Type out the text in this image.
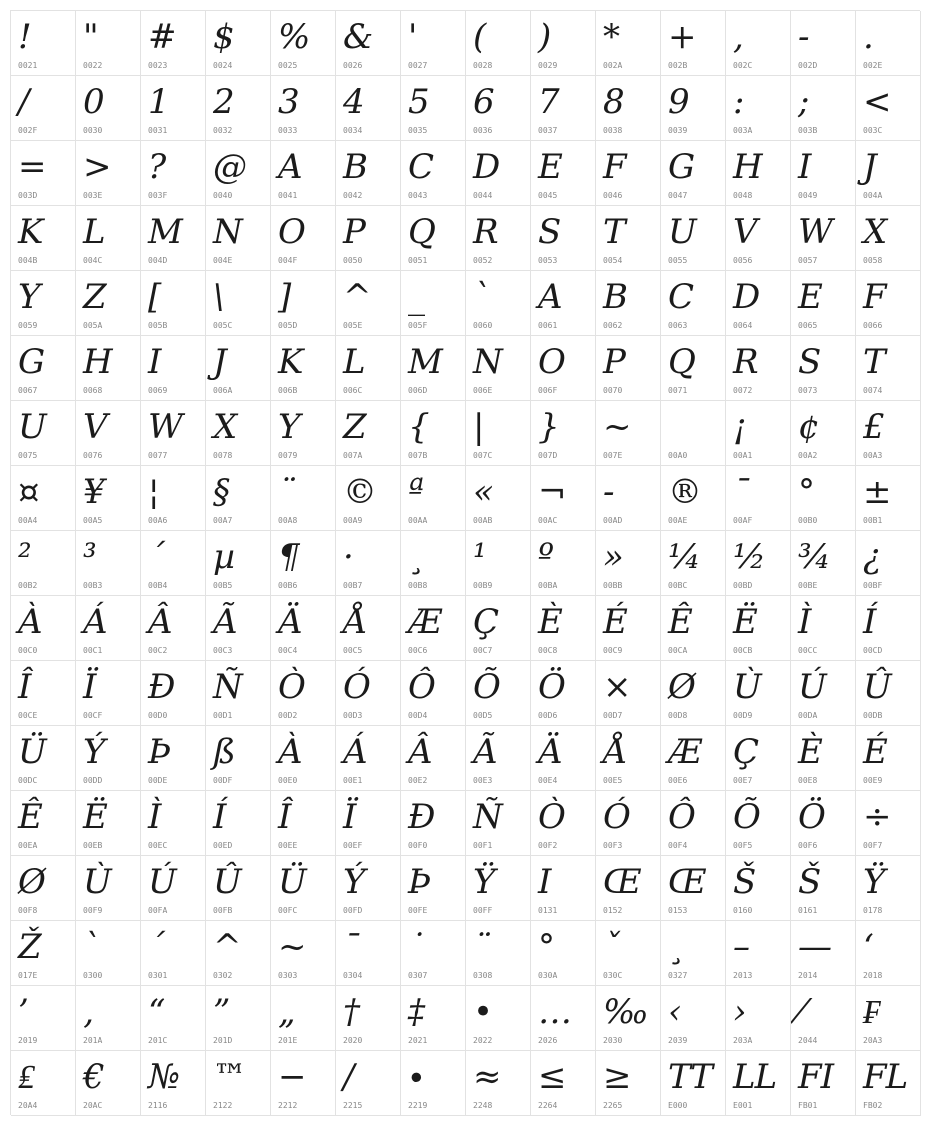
!
0021
"
0022
#
0023
$
0024
%
0025
&
0026
'
0027
(
0028
)
0029
*
002A
+
002B
,
002C
-
002D
.
002E
/
002F
0
0030
1
0031
2
0032
3
0033
4
0034
5
0035
6
0036
7
0037
8
0038
9
0039
:
003A
;
003B
<
003C
=
003D
>
003E
?
003F
@
0040
A
0041
B
0042
C
0043
D
0044
E
0045
F
0046
G
0047
H
0048
I
0049
J
004A
K
004B
L
004C
M
004D
N
004E
O
004F
P
0050
Q
0051
R
0052
S
0053
T
0054
U
0055
V
0056
W
0057
X
0058
Y
0059
Z
005A
[
005B
\
005C
]
005D
^
005E
_
005F
`
0060
A
0061
B
0062
C
0063
D
0064
E
0065
F
0066
G
0067
H
0068
I
0069
J
006A
K
006B
L
006C
M
006D
N
006E
O
006F
P
0070
Q
0071
R
0072
S
0073
T
0074
U
0075
V
0076
W
0077
X
0078
Y
0079
Z
007A
{
007B
|
007C
}
007D
~
007E	00A0
¡
00A1
¢
00A2
£
00A3
¤
00A4
¥
00A5
¦
00A6
§
00A7
¨
00A8
©
00A9
ª
00AA
«
00AB
¬
00AC
-
00AD
®
00AE
¯
00AF
°
00B0
±
00B1
²
00B2
³
00B3
´
00B4
µ
00B5
¶
00B6
·
00B7
¸
00B8
¹
00B9
º
00BA
»
00BB
¼
00BC
½
00BD
¾
00BE
¿
00BF
À
00C0
Á
00C1
Â
00C2
Ã
00C3
Ä
00C4
Å
00C5
Æ
00C6
Ç
00C7
È
00C8
É
00C9
Ê
00CA
Ë
00CB
Ì
00CC
Í
00CD
Î
00CE
Ï
00CF
Đ
00D0
Ñ
00D1
Ò
00D2
Ó
00D3
Ô
00D4
Õ
00D5
Ö
00D6
×
00D7
Ø
00D8
Ù
00D9
Ú
00DA
Û
00DB
Ü
00DC
Ý
00DD
Þ
00DE
ß
00DF
À
00E0
Á
00E1
Â
00E2
Ã
00E3
Ä
00E4
Å
00E5
Æ
00E6
Ç
00E7
È
00E8
É
00E9
Ê
00EA
Ë
00EB
Ì
00EC
Í
00ED
Î
00EE
Ï
00EF
Đ
00F0
Ñ
00F1
Ò
00F2
Ó
00F3
Ô
00F4
Õ
00F5
Ö
00F6
÷
00F7
Ø
00F8
Ù
00F9
Ú
00FA
Û
00FB
Ü
00FC
Ý
00FD
Þ
00FE
Ÿ
00FF
I
0131
Œ
0152
Œ
0153
Š
0160
Š
0161
Ÿ
0178
Ž
017E
`
0300
´
0301
^
0302
~
0303
¯
0304
˙
0307
¨
0308
°
030A
ˇ
030C
¸
0327
–
2013
—
2014
‘
2018
’
2019
‚
201A
“
201C
”
201D
„
201E
†
2020
‡
2021
•
2022
…
2026
‰
2030
‹
2039
›
203A
⁄
2044
₣
20A3
₤
20A4
€
20AC
№
2116
™
2122
−
2212
∕
2215
∙
2219
≈
2248
≤
2264
≥
2265
TT
E000
LL
E001
FI
FB01
FL
FB02
